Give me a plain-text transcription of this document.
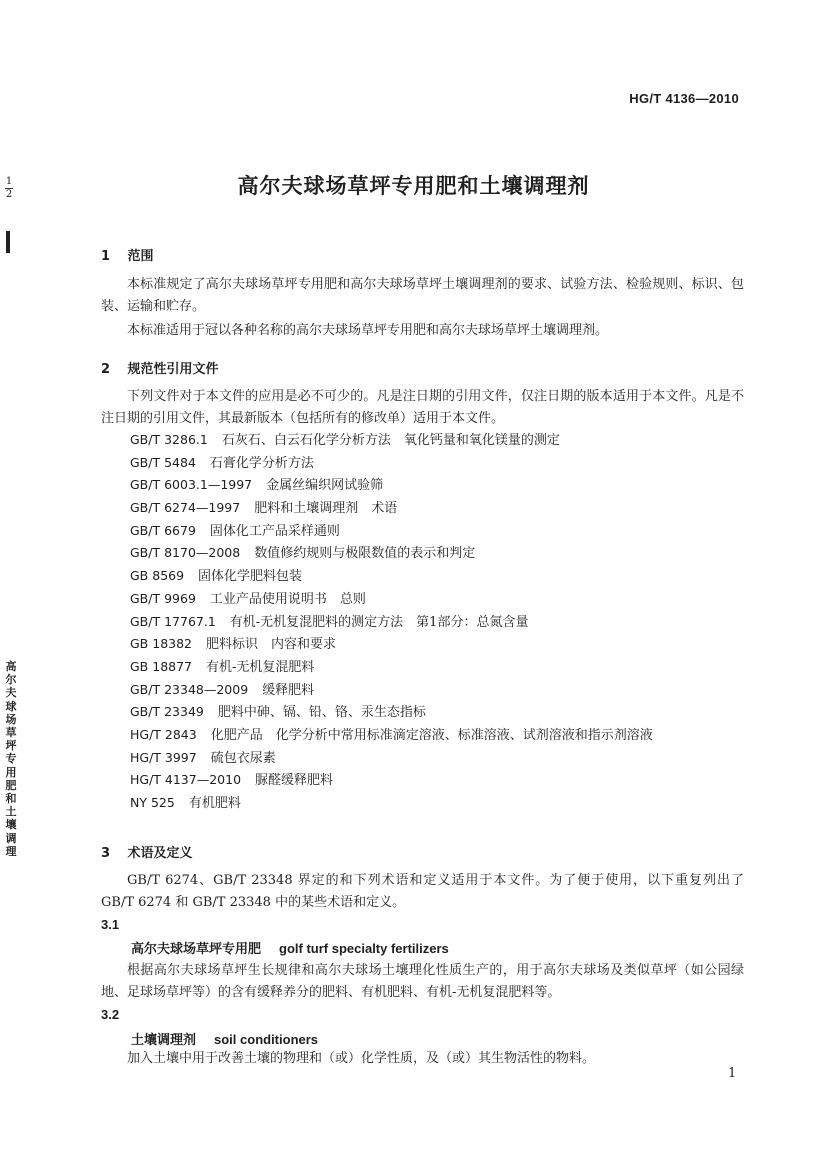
HG/T 4136—2010
1
2	高尔夫球场草坪专用肥和土壤调理剂
1 范围
本标准规定了高尔夫球场草坪专用肥和高尔夫球场草坪土壤调理剂的要求、试验方法、检验规则、标识、包装、运输和贮存。
本标准适用于冠以各种名称的高尔夫球场草坪专用肥和高尔夫球场草坪土壤调理剂。
2 规范性引用文件
下列文件对于本文件的应用是必不可少的。凡是注日期的引用文件，仅注日期的版本适用于本文件。凡是不注日期的引用文件，其最新版本（包括所有的修改单）适用于本文件。
GB/T 3286.1 石灰石、白云石化学分析方法　氧化钙量和氧化镁量的测定
GB/T 5484 石膏化学分析方法
GB/T 6003.1—1997 金属丝编织网试验筛
GB/T 6274—1997 肥料和土壤调理剂　术语
GB/T 6679 固体化工产品采样通则
GB/T 8170—2008 数值修约规则与极限数值的表示和判定
GB 8569 固体化学肥料包装
GB/T 9969 工业产品使用说明书　总则
GB/T 17767.1 有机-无机复混肥料的测定方法　第1部分：总氮含量
GB 18382 肥料标识　内容和要求
GB 18877 有机-无机复混肥料
GB/T 23348—2009 缓释肥料
GB/T 23349 肥料中砷、镉、铅、铬、汞生态指标
HG/T 2843 化肥产品　化学分析中常用标准滴定溶液、标准溶液、试剂溶液和指示剂溶液
HG/T 3997 硫包衣尿素
HG/T 4137—2010 脲醛缓释肥料
NY 525 有机肥料
3 术语及定义
GB/T 6274、GB/T 23348 界定的和下列术语和定义适用于本文件。为了便于使用，以下重复列出了 GB/T 6274 和 GB/T 23348 中的某些术语和定义。
3.1
高尔夫球场草坪专用肥 golf turf specialty fertilizers
根据高尔夫球场草坪生长规律和高尔夫球场土壤理化性质生产的，用于高尔夫球场及类似草坪（如公园绿地、足球场草坪等）的含有缓释养分的肥料、有机肥料、有机-无机复混肥料等。
3.2
土壤调理剂 soil conditioners
加入土壤中用于改善土壤的物理和（或）化学性质，及（或）其生物活性的物料。
1
高尔夫球场草坪专用肥和土壤调理
